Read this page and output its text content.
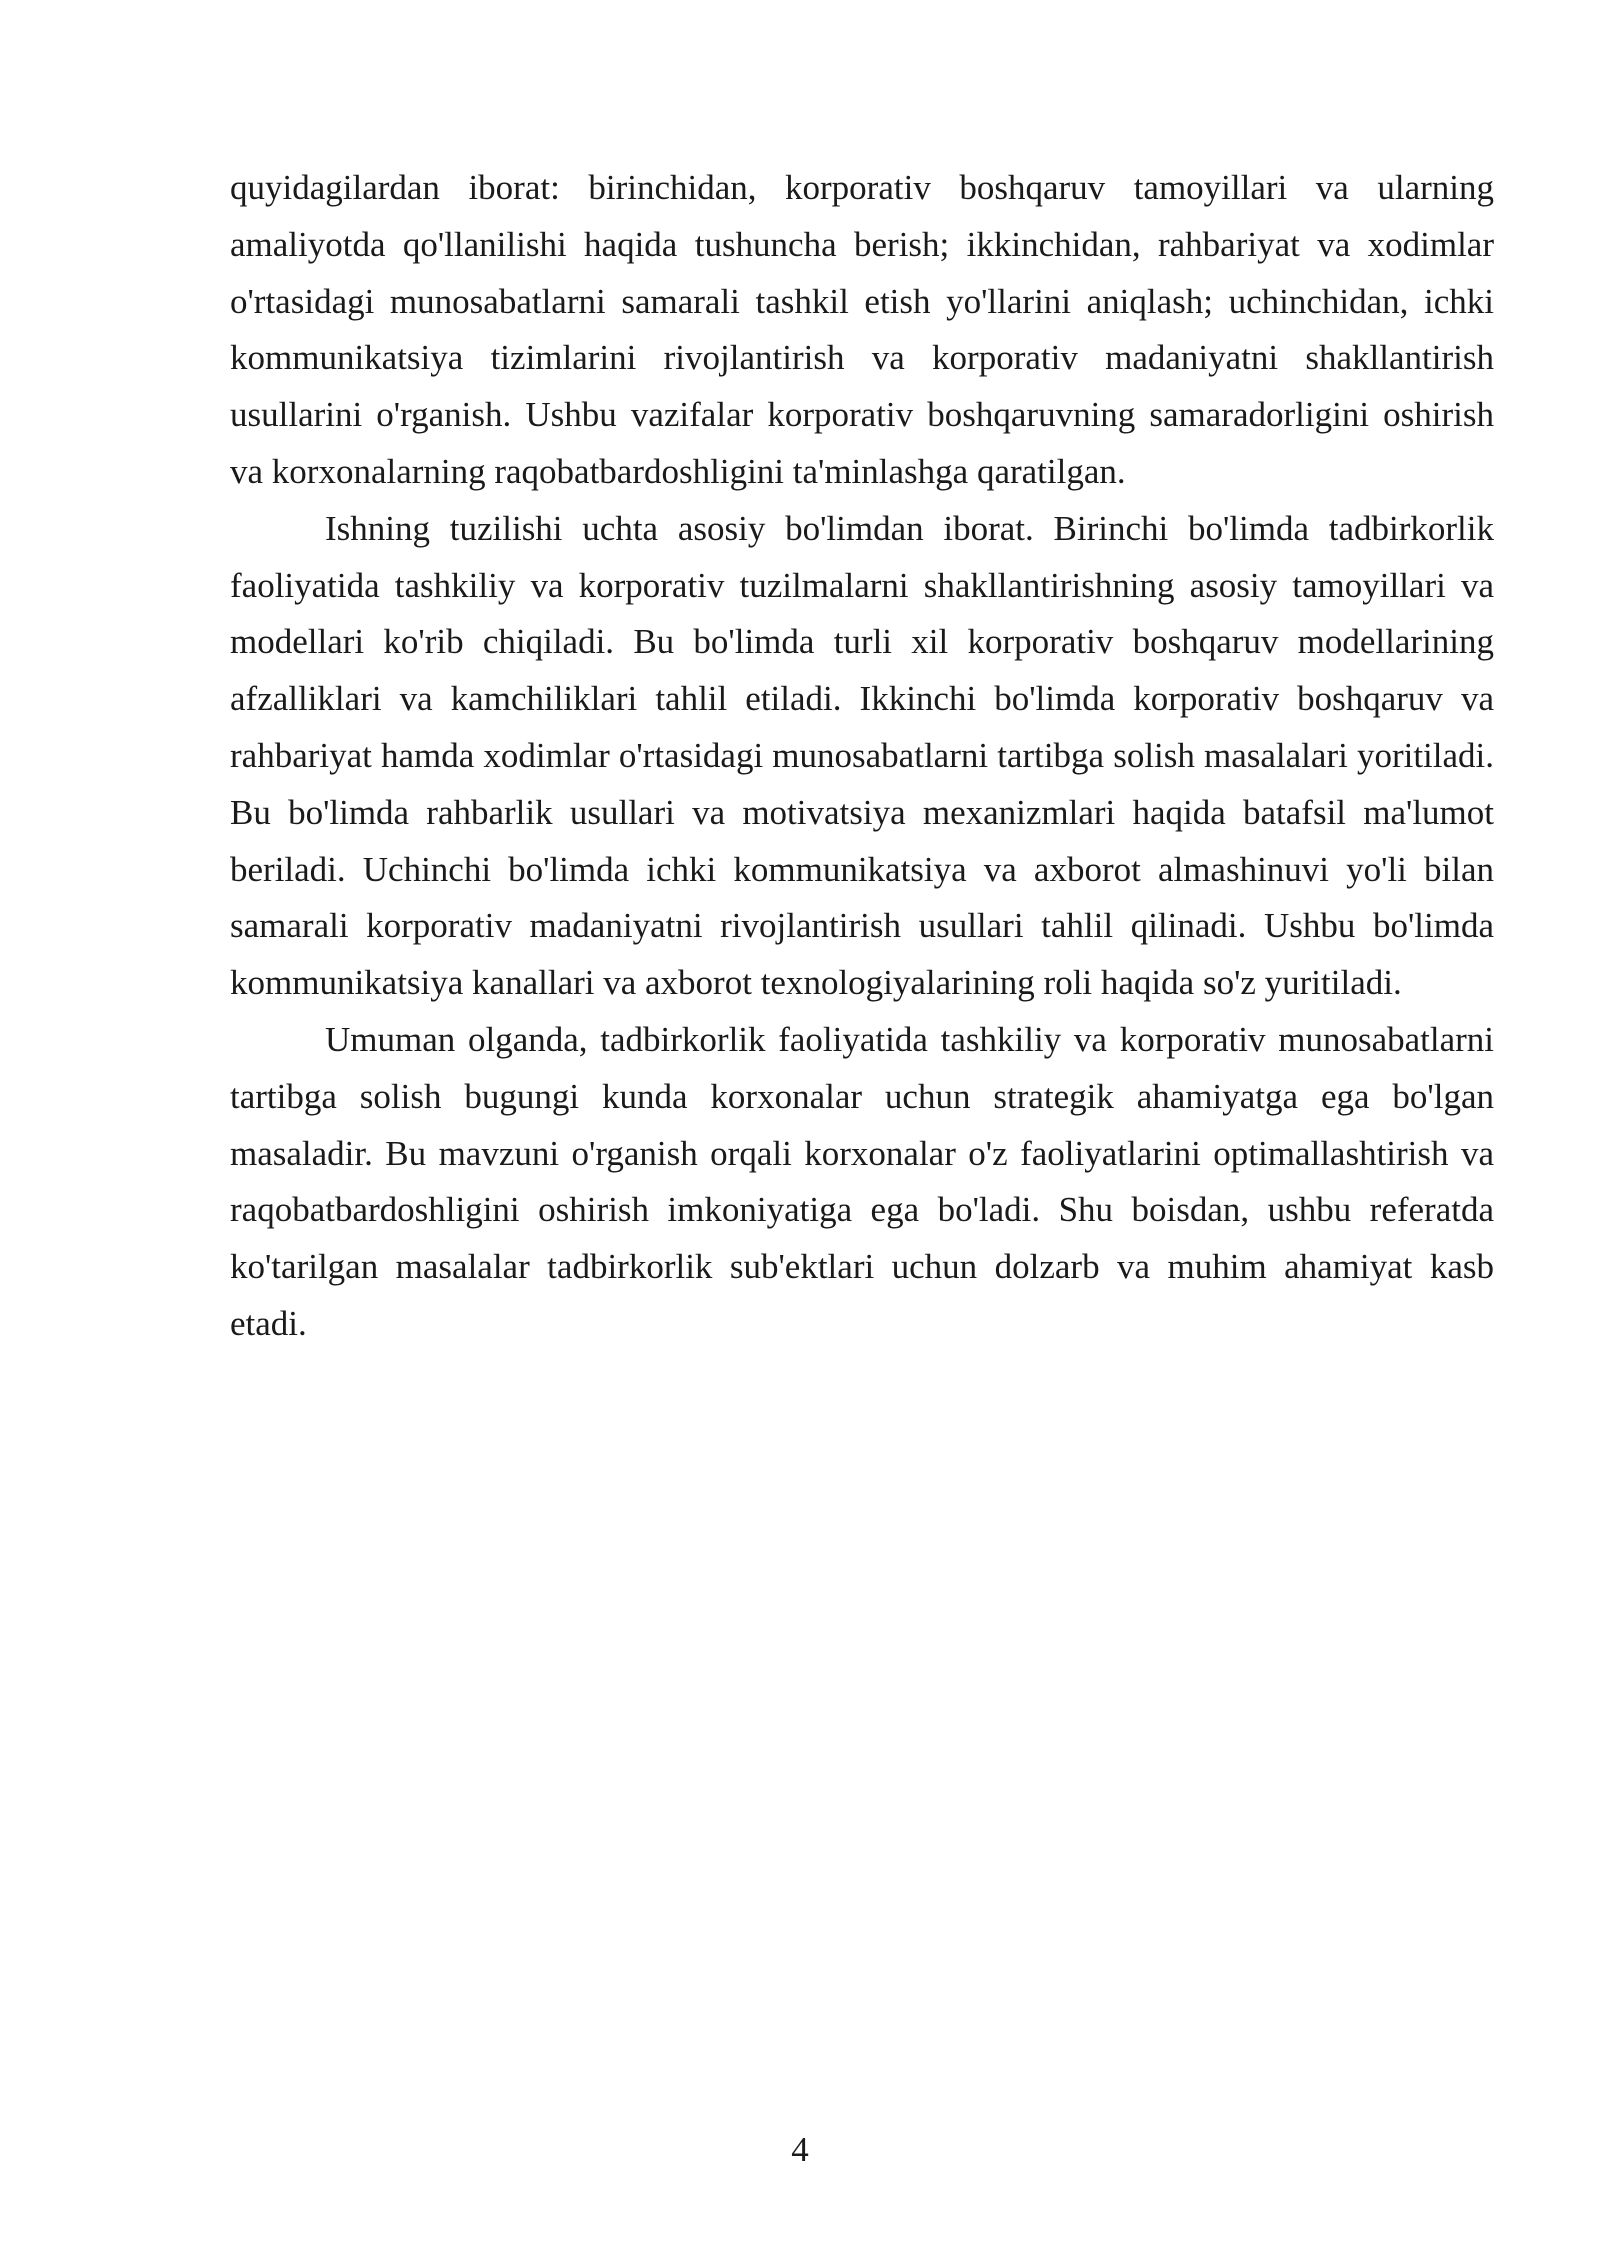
quyidagilardan iborat: birinchidan, korporativ boshqaruv tamoyillari va ularning amaliyotda qo'llanilishi haqida tushuncha berish; ikkinchidan, rahbariyat va xodimlar o'rtasidagi munosabatlarni samarali tashkil etish yo'llarini aniqlash; uchinchidan, ichki kommunikatsiya tizimlarini rivojlantirish va korporativ madaniyatni shakllantirish usullarini o'rganish. Ushbu vazifalar korporativ boshqaruvning samaradorligini oshirish va korxonalarning raqobatbardoshligini ta'minlashga qaratilgan.

Ishning tuzilishi uchta asosiy bo'limdan iborat. Birinchi bo'limda tadbirkorlik faoliyatida tashkiliy va korporativ tuzilmalarni shakllantirishning asosiy tamoyillari va modellari ko'rib chiqiladi. Bu bo'limda turli xil korporativ boshqaruv modellarining afzalliklari va kamchiliklari tahlil etiladi. Ikkinchi bo'limda korporativ boshqaruv va rahbariyat hamda xodimlar o'rtasidagi munosabatlarni tartibga solish masalalari yoritiladi. Bu bo'limda rahbarlik usullari va motivatsiya mexanizmlari haqida batafsil ma'lumot beriladi. Uchinchi bo'limda ichki kommunikatsiya va axborot almashinuvi yo'li bilan samarali korporativ madaniyatni rivojlantirish usullari tahlil qilinadi. Ushbu bo'limda kommunikatsiya kanallari va axborot texnologiyalarining roli haqida so'z yuritiladi.

Umuman olganda, tadbirkorlik faoliyatida tashkiliy va korporativ munosabatlarni tartibga solish bugungi kunda korxonalar uchun strategik ahamiyatga ega bo'lgan masaladir. Bu mavzuni o'rganish orqali korxonalar o'z faoliyatlarini optimallashtirish va raqobatbardoshligini oshirish imkoniyatiga ega bo'ladi. Shu boisdan, ushbu referatda ko'tarilgan masalalar tadbirkorlik sub'ektlari uchun dolzarb va muhim ahamiyat kasb etadi.

4
